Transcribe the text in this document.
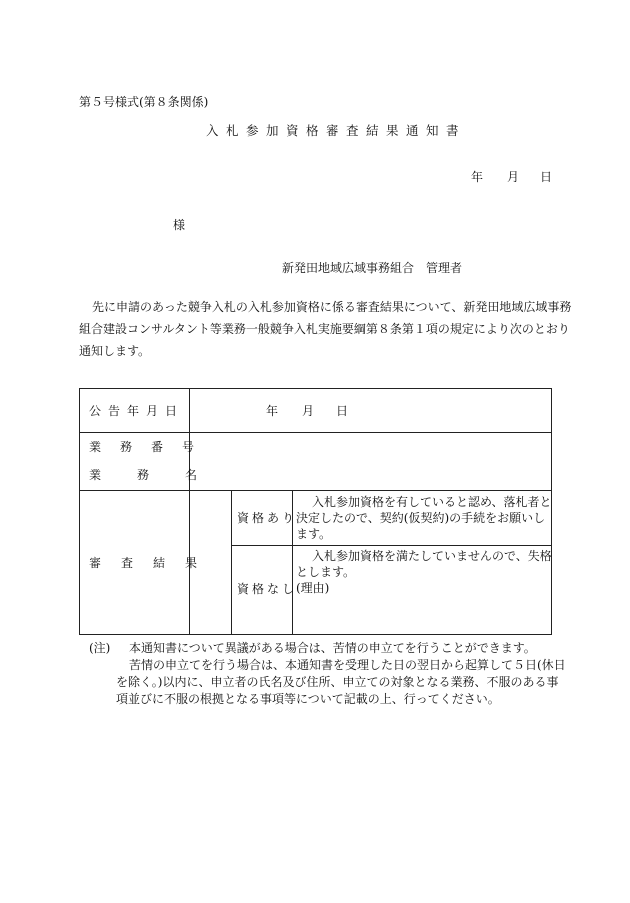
第５号様式(第８条関係)
入札参加資格審査結果通知書
年 月 日
様
新発田地域広域事務組合　管理者
先に申請のあった競争入札の入札参加資格に係る審査結果について、新発田地域広域事務
組合建設コンサルタント等業務一般競争入札実施要綱第８条第１項の規定により次のとおり
通知します。
公告年月日	年 月 日
業務番号
業務名
審査結果
資格あり
入札参加資格を有していると認め、落札者と
決定したので、契約(仮契約)の手続をお願いし
ます。
資格なし
入札参加資格を満たしていませんので、失格
とします。
(理由)
(注) 本通知書について異議がある場合は、苦情の申立てを行うことができます。
苦情の申立てを行う場合は、本通知書を受理した日の翌日から起算して５日(休日
を除く。)以内に、申立者の氏名及び住所、申立ての対象となる業務、不服のある事
項並びに不服の根拠となる事項等について記載の上、行ってください。
